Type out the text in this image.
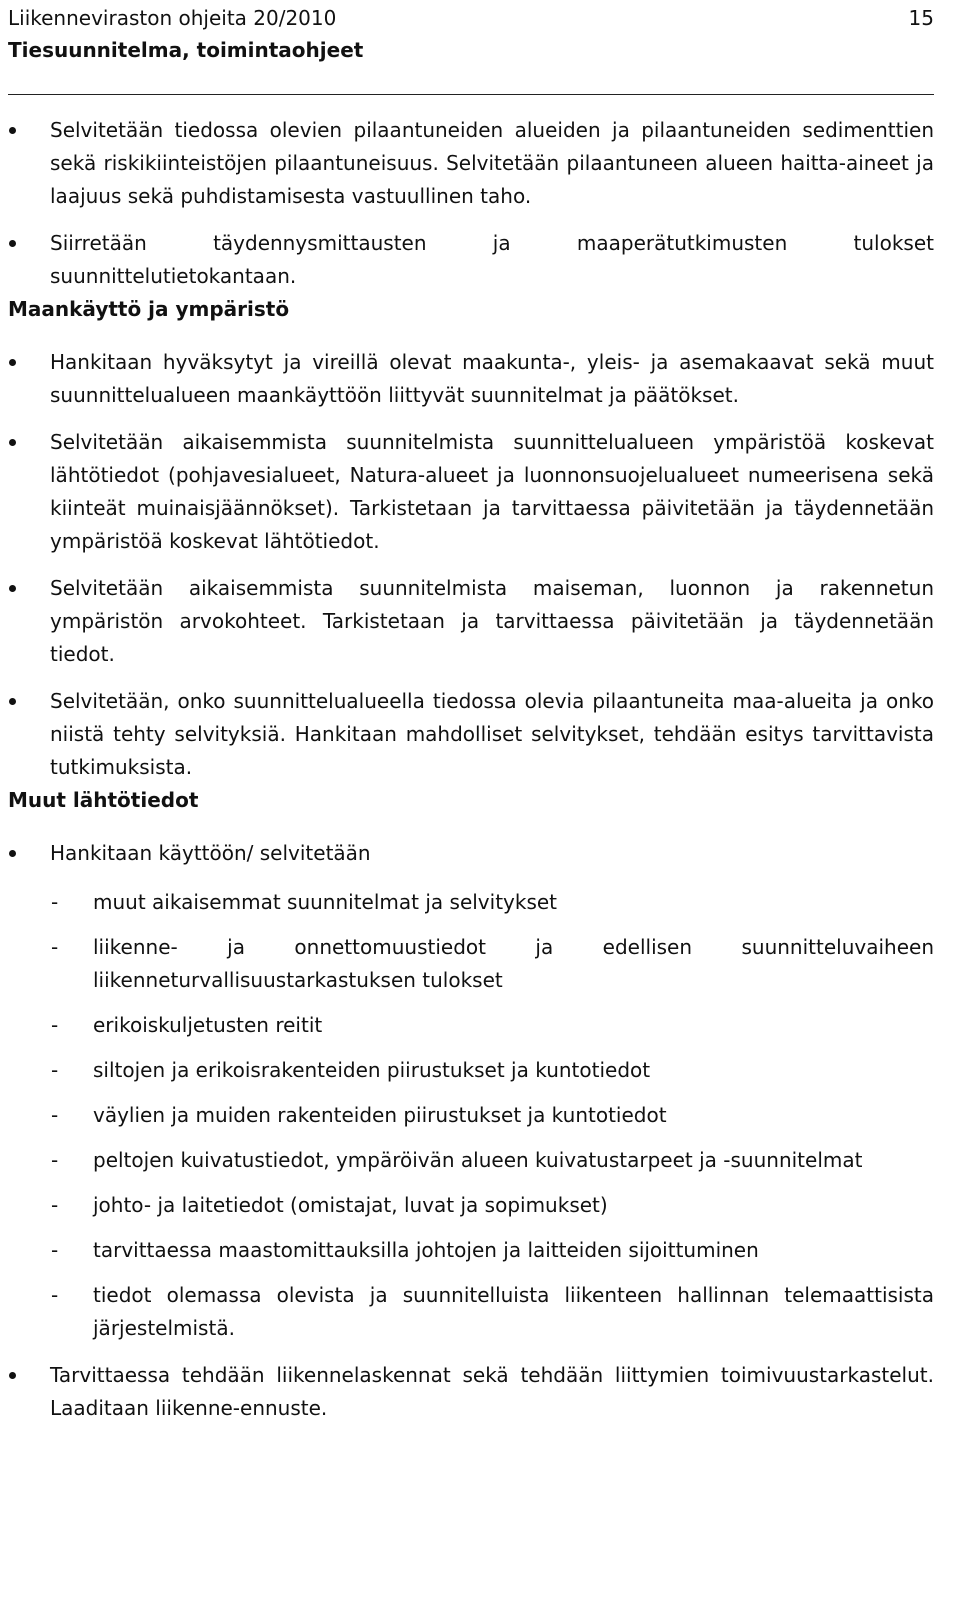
Liikenneviraston ohjeita 20/2010
Tiesuunnitelma, toimintaohjeet
15
Selvitetään tiedossa olevien pilaantuneiden alueiden ja pilaantuneiden sedimenttien sekä riskikiinteistöjen pilaantuneisuus. Selvitetään pilaantuneen alueen haitta-aineet ja laajuus sekä puhdistamisesta vastuullinen taho.
Siirretään täydennysmittausten ja maaperätutkimusten tulokset suunnittelutietokantaan.
Maankäyttö ja ympäristö
Hankitaan hyväksytyt ja vireillä olevat maakunta-, yleis- ja asemakaavat sekä muut suunnittelualueen maankäyttöön liittyvät suunnitelmat ja päätökset.
Selvitetään aikaisemmista suunnitelmista suunnittelualueen ympäristöä koskevat lähtötiedot (pohjavesialueet, Natura-alueet ja luonnonsuojelualueet numeerisena sekä kiinteät muinaisjäännökset). Tarkistetaan ja tarvittaessa päivitetään ja täydennetään ympäristöä koskevat lähtötiedot.
Selvitetään aikaisemmista suunnitelmista maiseman, luonnon ja rakennetun ympäristön arvokohteet. Tarkistetaan ja tarvittaessa päivitetään ja täydennetään tiedot.
Selvitetään, onko suunnittelualueella tiedossa olevia pilaantuneita maa-alueita ja onko niistä tehty selvityksiä. Hankitaan mahdolliset selvitykset, tehdään esitys tarvittavista tutkimuksista.
Muut lähtötiedot
Hankitaan käyttöön/ selvitetään
- muut aikaisemmat suunnitelmat ja selvitykset
- liikenne- ja onnettomuustiedot ja edellisen suunnitteluvaiheen liikenneturvallisuustarkastuksen tulokset
- erikoiskuljetusten reitit
- siltojen ja erikoisrakenteiden piirustukset ja kuntotiedot
- väylien ja muiden rakenteiden piirustukset ja kuntotiedot
- peltojen kuivatustiedot, ympäröivän alueen kuivatustarpeet ja -suunnitelmat
- johto- ja laitetiedot (omistajat, luvat ja sopimukset)
- tarvittaessa maastomittauksilla johtojen ja laitteiden sijoittuminen
- tiedot olemassa olevista ja suunnitelluista liikenteen hallinnan telemaattisista järjestelmistä.
Tarvittaessa tehdään liikennelaskennat sekä tehdään liittymien toimivuustarkastelut. Laaditaan liikenne-ennuste.
